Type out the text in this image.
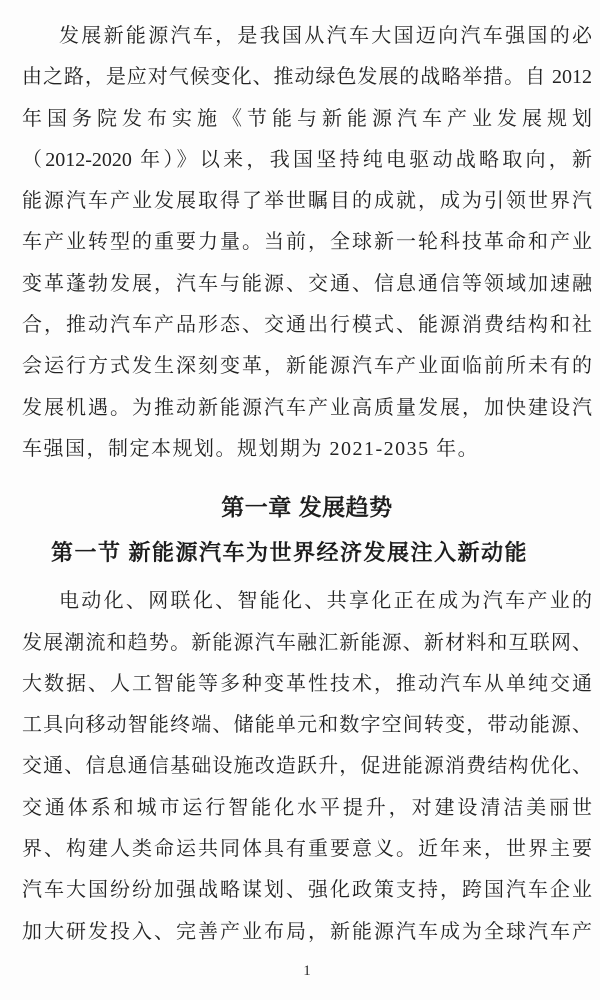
发展新能源汽车，是我国从汽车大国迈向汽车强国的必
由之路，是应对气候变化、推动绿色发展的战略举措。自 2012
年国务院发布实施《节能与新能源汽车产业发展规划
（2012-2020 年）》以来，我国坚持纯电驱动战略取向，新
能源汽车产业发展取得了举世瞩目的成就，成为引领世界汽
车产业转型的重要力量。当前，全球新一轮科技革命和产业
变革蓬勃发展，汽车与能源、交通、信息通信等领域加速融
合，推动汽车产品形态、交通出行模式、能源消费结构和社
会运行方式发生深刻变革，新能源汽车产业面临前所未有的
发展机遇。为推动新能源汽车产业高质量发展，加快建设汽
车强国，制定本规划。规划期为 2021-2035 年。
第一章 发展趋势
第一节 新能源汽车为世界经济发展注入新动能
电动化、网联化、智能化、共享化正在成为汽车产业的
发展潮流和趋势。新能源汽车融汇新能源、新材料和互联网、
大数据、人工智能等多种变革性技术，推动汽车从单纯交通
工具向移动智能终端、储能单元和数字空间转变，带动能源、
交通、信息通信基础设施改造跃升，促进能源消费结构优化、
交通体系和城市运行智能化水平提升，对建设清洁美丽世
界、构建人类命运共同体具有重要意义。近年来，世界主要
汽车大国纷纷加强战略谋划、强化政策支持，跨国汽车企业
加大研发投入、完善产业布局，新能源汽车成为全球汽车产
1
